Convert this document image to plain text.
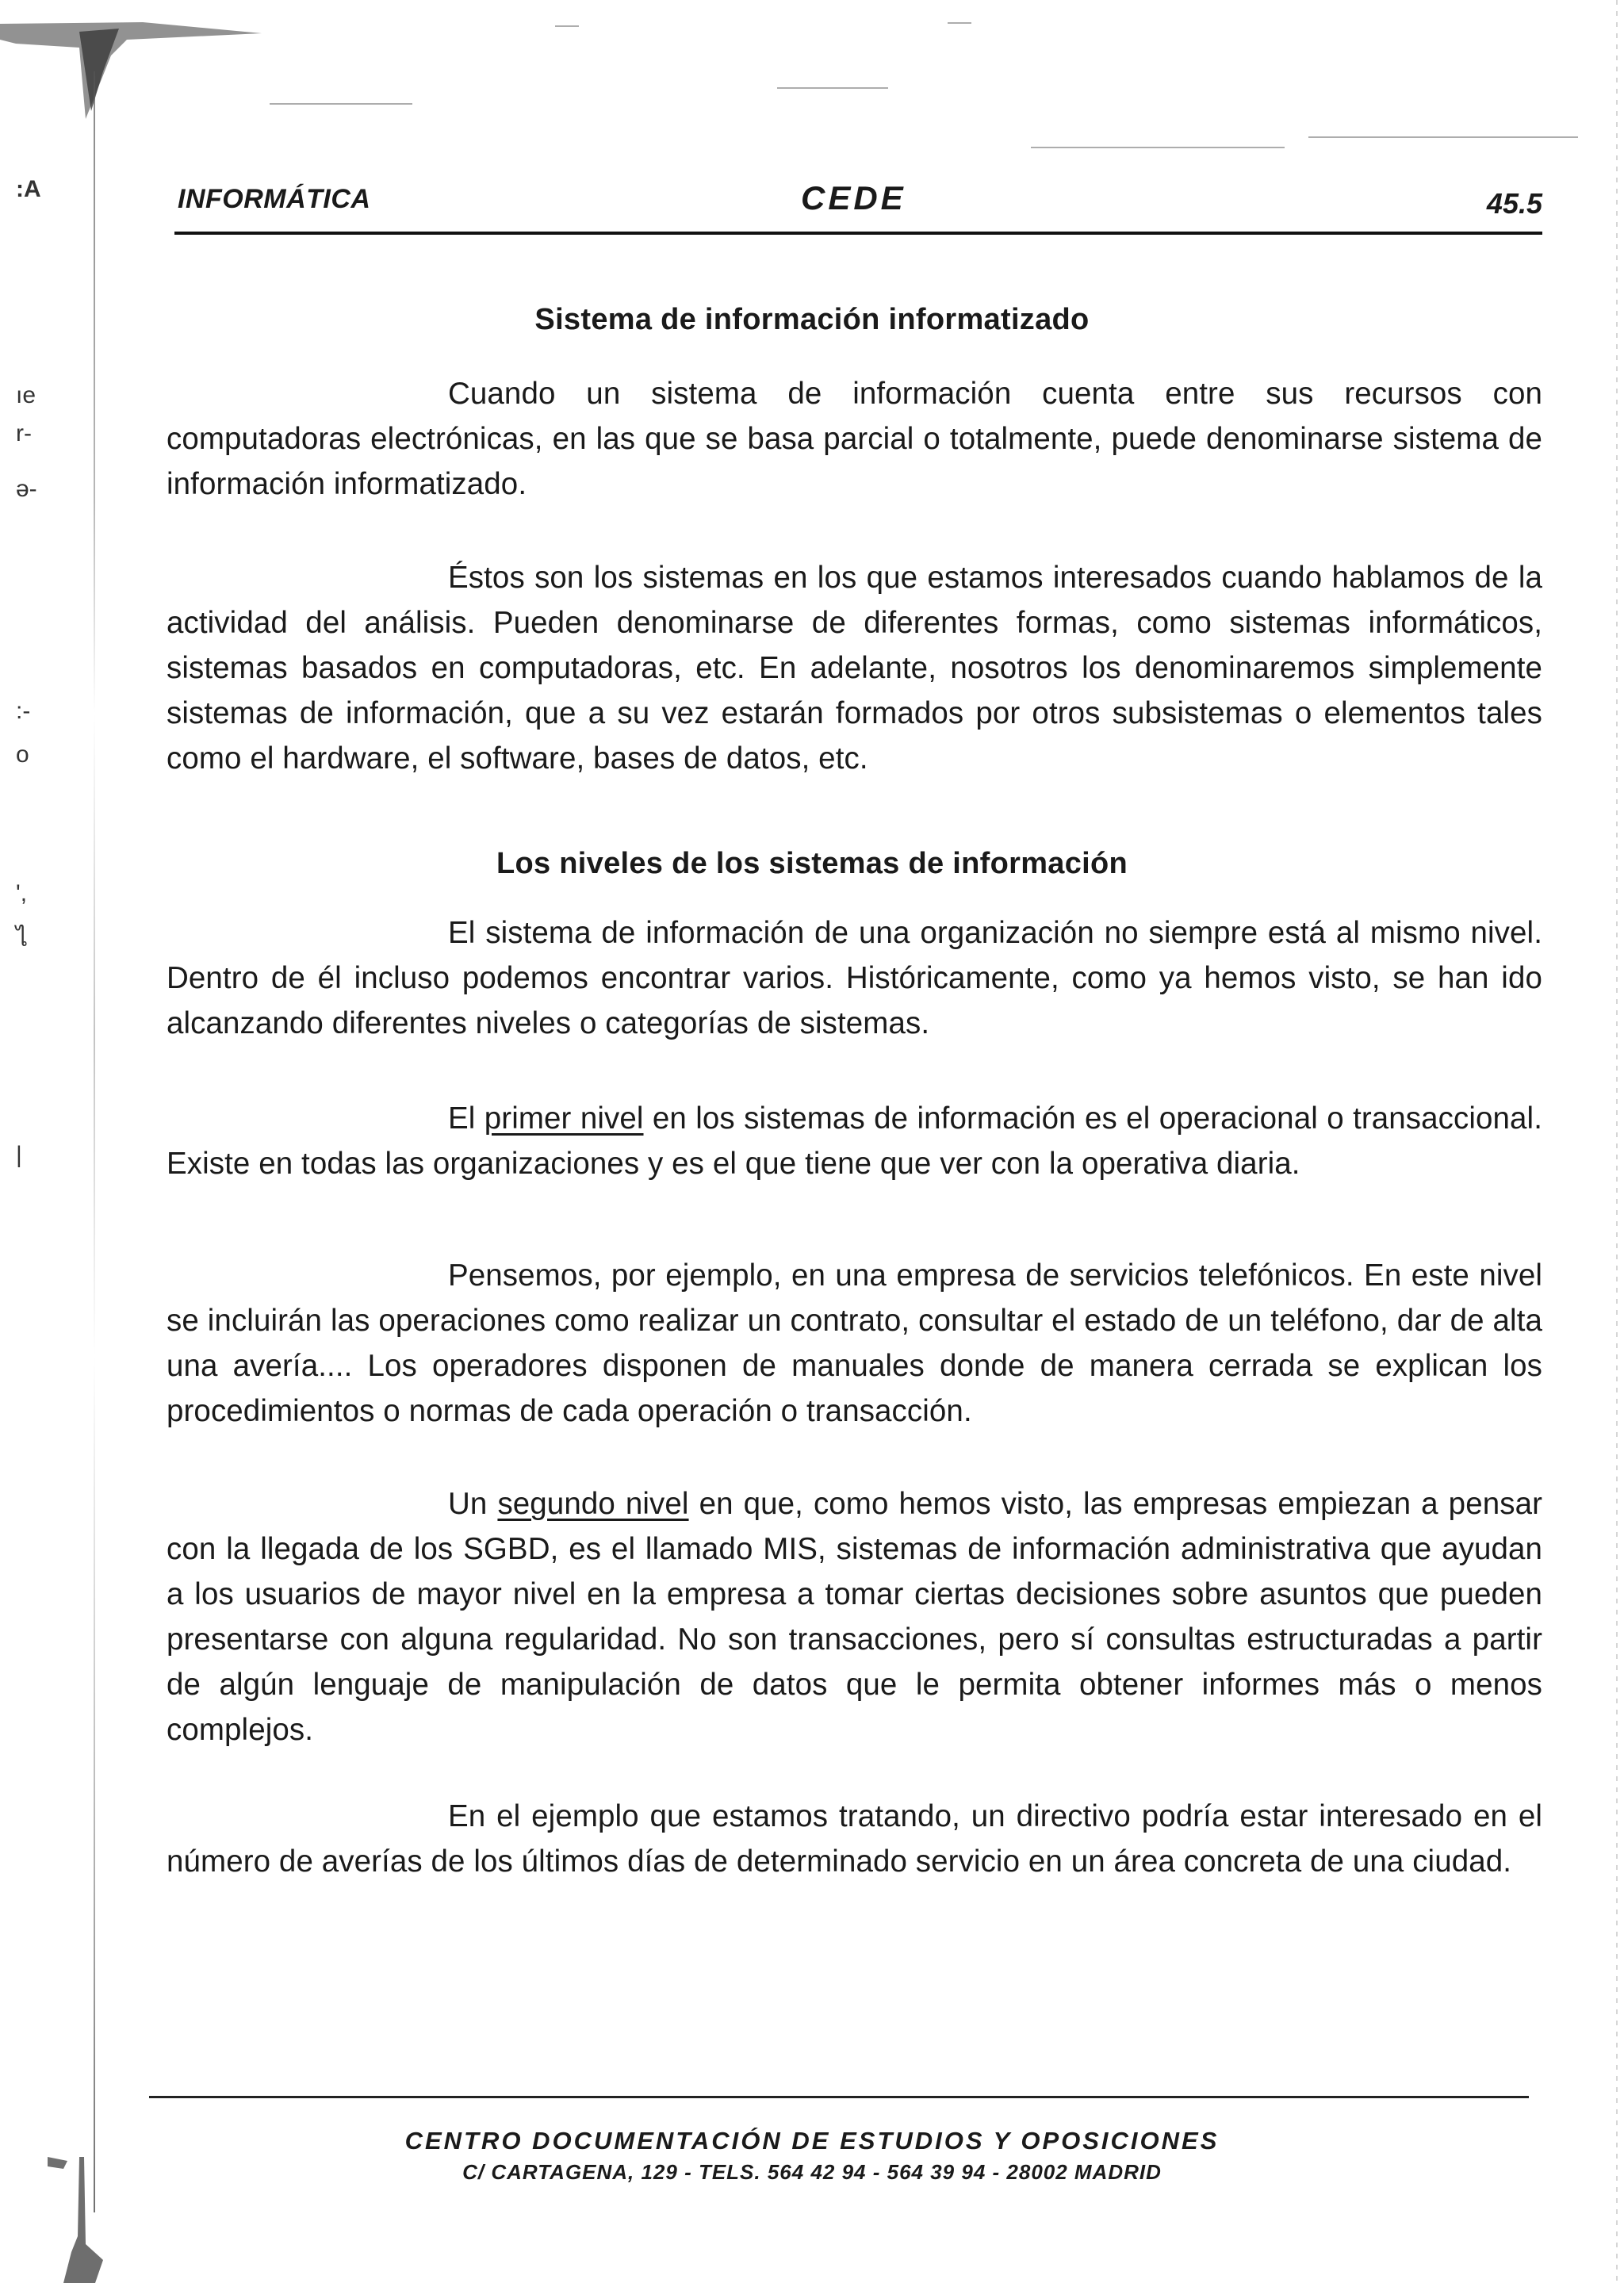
:A
ıe
r-
ə-
:-
o
',
ไ
|
INFORMÁTICA	CEDE	45.5
Sistema de información informatizado

Cuando un sistema de información cuenta entre sus recursos con computadoras electrónicas, en las que se basa parcial o totalmente, puede denominarse sistema de información informatizado.

Éstos son los sistemas en los que estamos interesados cuando hablamos de la actividad del análisis. Pueden denominarse de diferentes formas, como sistemas informáticos, sistemas basados en computadoras, etc. En adelante, nosotros los denominaremos simplemente sistemas de información, que a su vez estarán formados por otros subsistemas o elementos tales como el hardware, el software, bases de datos, etc.

Los niveles de los sistemas de información

El sistema de información de una organización no siempre está al mismo nivel. Dentro de él incluso podemos encontrar varios. Históricamente, como ya hemos visto, se han ido alcanzando diferentes niveles o categorías de sistemas.

El primer nivel en los sistemas de información es el operacional o transaccional. Existe en todas las organizaciones y es el que tiene que ver con la operativa diaria.

Pensemos, por ejemplo, en una empresa de servicios telefónicos. En este nivel se incluirán las operaciones como realizar un contrato, consultar el estado de un teléfono, dar de alta una avería.... Los operadores disponen de manuales donde de manera cerrada se explican los procedimientos o normas de cada operación o transacción.

Un segundo nivel en que, como hemos visto, las empresas empiezan a pensar con la llegada de los SGBD, es el llamado MIS, sistemas de información administrativa que ayudan a los usuarios de mayor nivel en la empresa a tomar ciertas decisiones sobre asuntos que pueden presentarse con alguna regularidad. No son transacciones, pero sí consultas estructuradas a partir de algún lenguaje de manipulación de datos que le permita obtener informes más o menos complejos.

En el ejemplo que estamos tratando, un directivo podría estar interesado en el número de averías de los últimos días de determinado servicio en un área concreta de una ciudad.

CENTRO DOCUMENTACIÓN DE ESTUDIOS Y OPOSICIONES
C/ CARTAGENA, 129 - TELS. 564 42 94 - 564 39 94 - 28002 MADRID
